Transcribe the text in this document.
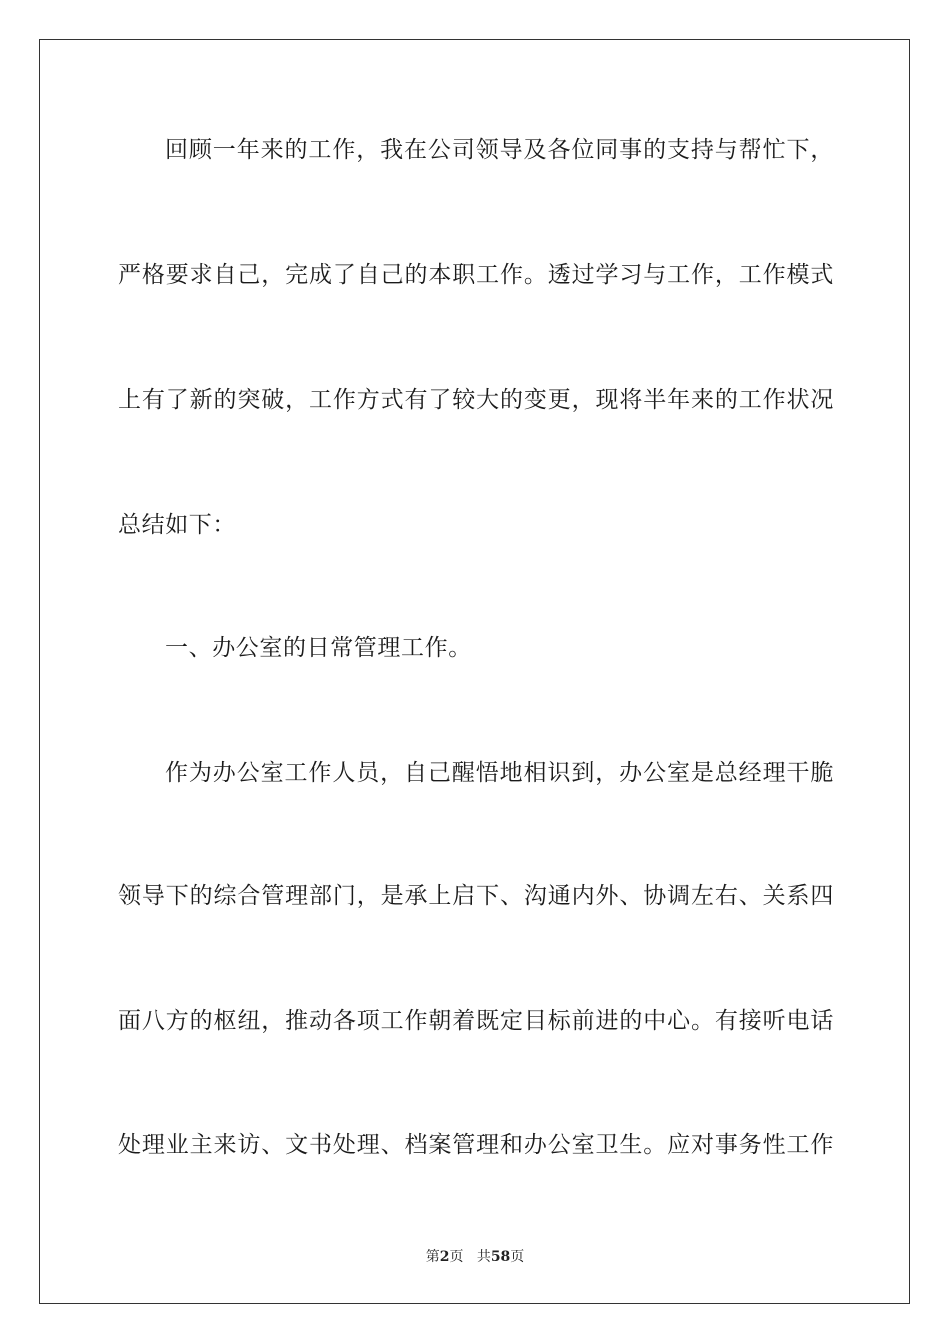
回顾一年来的工作，我在公司领导及各位同事的支持与帮忙下，
严格要求自己，完成了自己的本职工作。透过学习与工作，工作模式
上有了新的突破，工作方式有了较大的变更，现将半年来的工作状况
总结如下：
一、办公室的日常管理工作。
作为办公室工作人员，自己醒悟地相识到，办公室是总经理干脆
领导下的综合管理部门，是承上启下、沟通内外、协调左右、关系四
面八方的枢纽，推动各项工作朝着既定目标前进的中心。有接听电话
处理业主来访、文书处理、档案管理和办公室卫生。应对事务性工作
第2页 共58页
